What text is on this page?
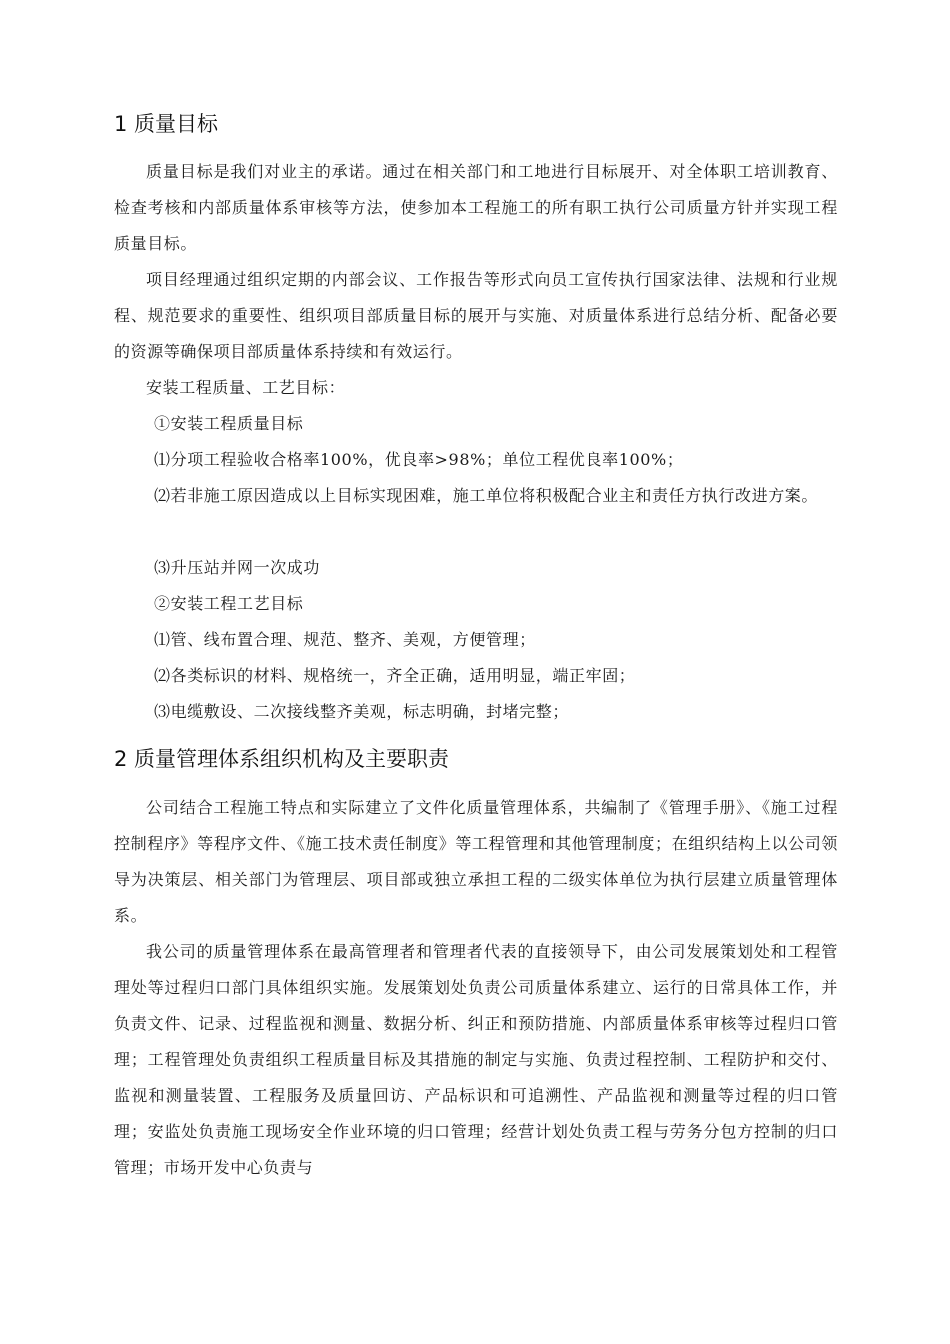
1 质量目标
质量目标是我们对业主的承诺。通过在相关部门和工地进行目标展开、对全体职工培训教育、检查考核和内部质量体系审核等方法，使参加本工程施工的所有职工执行公司质量方针并实现工程质量目标。
项目经理通过组织定期的内部会议、工作报告等形式向员工宣传执行国家法律、法规和行业规程、规范要求的重要性、组织项目部质量目标的展开与实施、对质量体系进行总结分析、配备必要的资源等确保项目部质量体系持续和有效运行。
安装工程质量、工艺目标：
①安装工程质量目标
⑴分项工程验收合格率100%，优良率>98%；单位工程优良率100%；
⑵若非施工原因造成以上目标实现困难，施工单位将积极配合业主和责任方执行改进方案。
⑶升压站并网一次成功
②安装工程工艺目标
⑴管、线布置合理、规范、整齐、美观，方便管理；
⑵各类标识的材料、规格统一，齐全正确，适用明显，端正牢固；
⑶电缆敷设、二次接线整齐美观，标志明确，封堵完整；
2 质量管理体系组织机构及主要职责
公司结合工程施工特点和实际建立了文件化质量管理体系，共编制了《管理手册》、《施工过程控制程序》等程序文件、《施工技术责任制度》等工程管理和其他管理制度；在组织结构上以公司领导为决策层、相关部门为管理层、项目部或独立承担工程的二级实体单位为执行层建立质量管理体系。
我公司的质量管理体系在最高管理者和管理者代表的直接领导下，由公司发展策划处和工程管理处等过程归口部门具体组织实施。发展策划处负责公司质量体系建立、运行的日常具体工作，并负责文件、记录、过程监视和测量、数据分析、纠正和预防措施、内部质量体系审核等过程归口管理；工程管理处负责组织工程质量目标及其措施的制定与实施、负责过程控制、工程防护和交付、监视和测量装置、工程服务及质量回访、产品标识和可追溯性、产品监视和测量等过程的归口管理；安监处负责施工现场安全作业环境的归口管理；经营计划处负责工程与劳务分包方控制的归口管理；市场开发中心负责与
